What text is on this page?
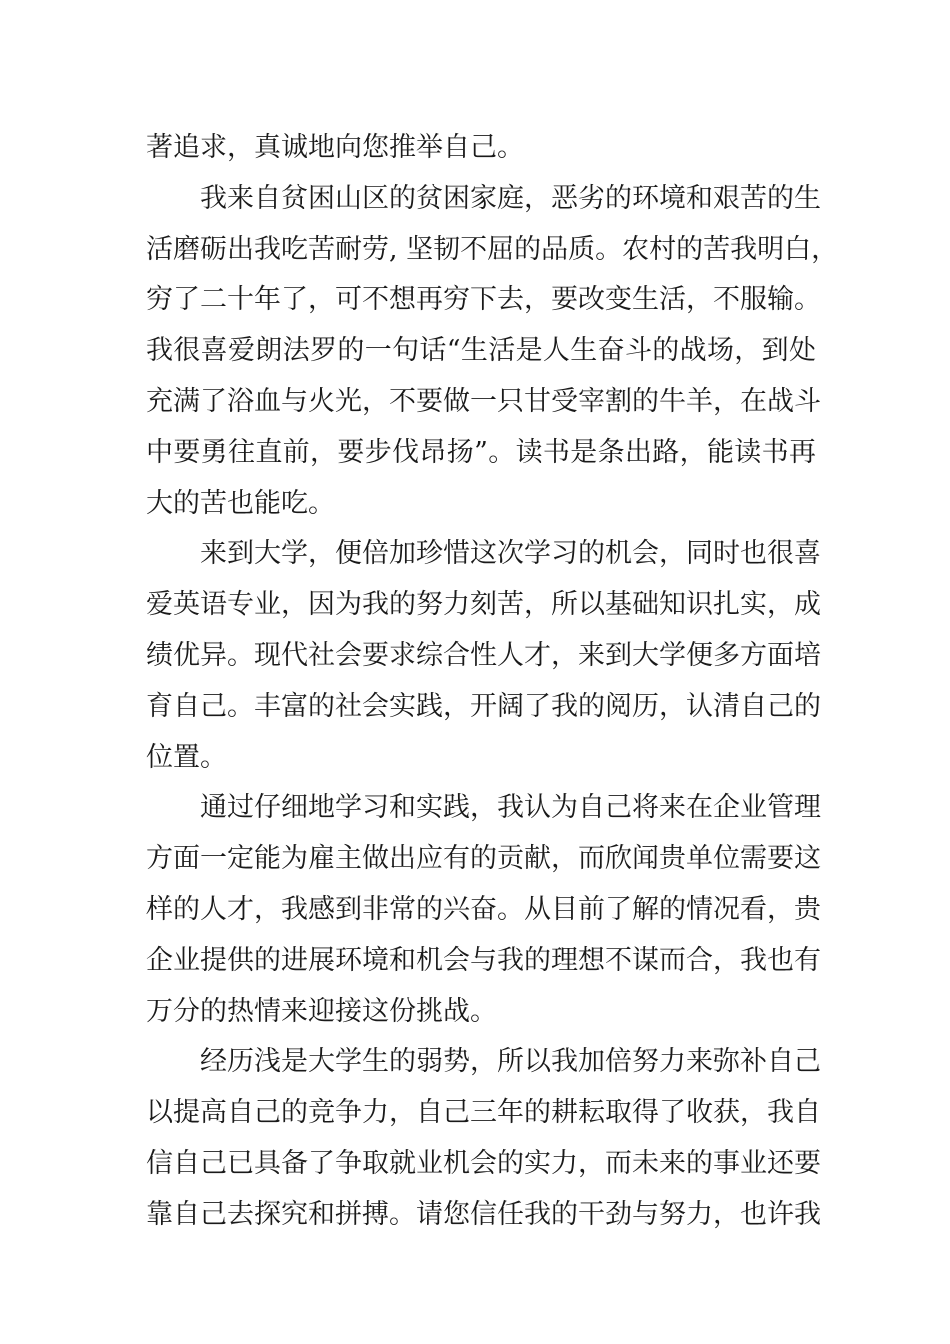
著追求，真诚地向您推举自己。
我来自贫困山区的贫困家庭，恶劣的环境和艰苦的生
活磨砺出我吃苦耐劳, 坚韧不屈的品质。农村的苦我明白，
穷了二十年了，可不想再穷下去，要改变生活，不服输。
我很喜爱朗法罗的一句话“生活是人生奋斗的战场，到处
充满了浴血与火光，不要做一只甘受宰割的牛羊，在战斗
中要勇往直前，要步伐昂扬”。读书是条出路，能读书再
大的苦也能吃。
来到大学，便倍加珍惜这次学习的机会，同时也很喜
爱英语专业，因为我的努力刻苦，所以基础知识扎实，成
绩优异。现代社会要求综合性人才，来到大学便多方面培
育自己。丰富的社会实践，开阔了我的阅历，认清自己的
位置。
通过仔细地学习和实践，我认为自己将来在企业管理
方面一定能为雇主做出应有的贡献，而欣闻贵单位需要这
样的人才，我感到非常的兴奋。从目前了解的情况看，贵
企业提供的进展环境和机会与我的理想不谋而合，我也有
万分的热情来迎接这份挑战。
经历浅是大学生的弱势，所以我加倍努力来弥补自己
以提高自己的竞争力，自己三年的耕耘取得了收获，我自
信自己已具备了争取就业机会的实力，而未来的事业还要
靠自己去探究和拼搏。请您信任我的干劲与努力，也许我
